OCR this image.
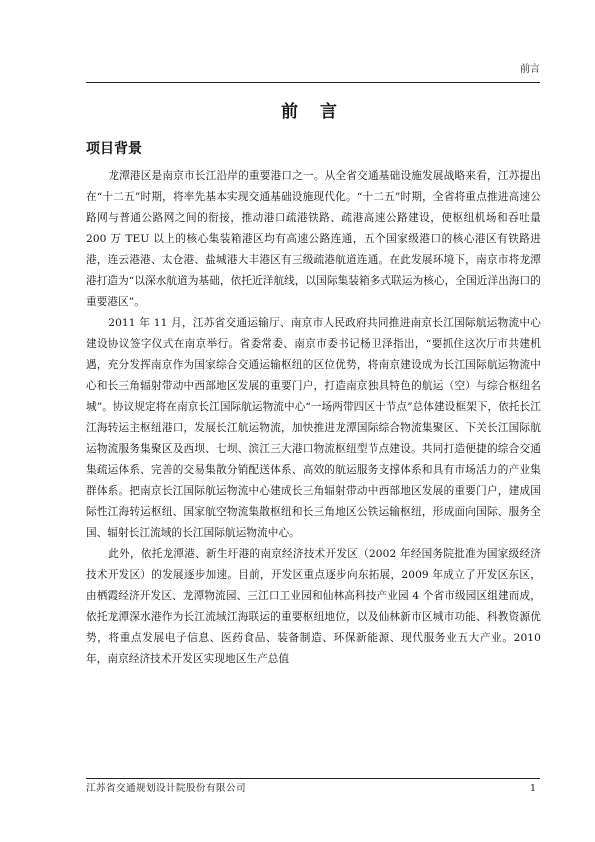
前言
前 言
项目背景

龙潭港区是南京市长江沿岸的重要港口之一。从全省交通基础设施发展战略来看，江苏提出在“十二五”时期，将率先基本实现交通基础设施现代化。“十二五”时期，全省将重点推进高速公路网与普通公路网之间的衔接，推动港口疏港铁路、疏港高速公路建设，使枢纽机场和吞吐量 200 万 TEU 以上的核心集装箱港区均有高速公路连通，五个国家级港口的核心港区有铁路进港，连云港港、太仓港、盐城港大丰港区有三级疏港航道连通。在此发展环境下，南京市将龙潭港打造为“以深水航道为基础，依托近洋航线，以国际集装箱多式联运为核心，全国近洋出海口的重要港区”。

2011 年 11 月，江苏省交通运输厅、南京市人民政府共同推进南京长江国际航运物流中心建设协议签字仪式在南京举行。省委常委、南京市委书记杨卫泽指出，“要抓住这次厅市共建机遇，充分发挥南京作为国家综合交通运输枢纽的区位优势，将南京建设成为长江国际航运物流中心和长三角辐射带动中西部地区发展的重要门户，打造南京独具特色的航运（空）与综合枢纽名城”。协议规定将在南京长江国际航运物流中心“一场两带四区十节点”总体建设框架下，依托长江江海转运主枢纽港口，发展长江航运物流，加快推进龙潭国际综合物流集聚区、下关长江国际航运物流服务集聚区及西坝、七坝、滨江三大港口物流枢纽型节点建设。共同打造便捷的综合交通集疏运体系、完善的交易集散分销配送体系、高效的航运服务支撑体系和具有市场活力的产业集群体系。把南京长江国际航运物流中心建成长三角辐射带动中西部地区发展的重要门户，建成国际性江海转运枢纽、国家航空物流集散枢纽和长三角地区公铁运输枢纽，形成面向国际、服务全国、辐射长江流域的长江国际航运物流中心。

此外，依托龙潭港、新生圩港的南京经济技术开发区（2002 年经国务院批准为国家级经济技术开发区）的发展逐步加速。目前，开发区重点逐步向东拓展，2009 年成立了开发区东区，由栖霞经济开发区、龙潭物流园、三江口工业园和仙林高科技产业园 4 个省市级园区组建而成，依托龙潭深水港作为长江流域江海联运的重要枢纽地位，以及仙林新市区城市功能、科教资源优势，将重点发展电子信息、医药食品、装备制造、环保新能源、现代服务业五大产业。2010 年，南京经济技术开发区实现地区生产总值

江苏省交通规划设计院股份有限公司	1
